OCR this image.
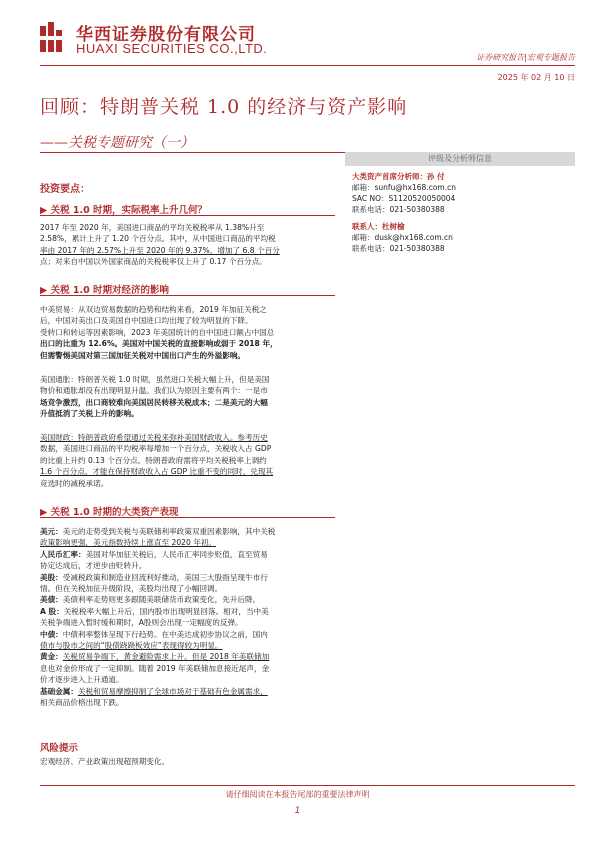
华西证券股份有限公司
HUAXI SECURITIES CO.,LTD.
证券研究报告|宏观专题报告
2025 年 02 月 10 日
回顾：特朗普关税 1.0 的经济与资产影响
——关税专题研究（一）
评级及分析师信息
大类资产首席分析师：孙 付
邮箱：sunfu@hx168.com.cn
SAC NO：S1120520050004
联系电话：021-50380388
联系人：杜树榆
邮箱：dusk@hx168.com.cn
联系电话：021-50380388
投资要点：
▶ 关税 1.0 时期，实际税率上升几何？
2017 年至 2020 年，美国进口商品的平均关税税率从 1.38%升至
2.58%，累计上升了 1.20 个百分点。其中，从中国进口商品的平均税
率由 2017 年的 2.57%上升至 2020 年的 9.37%，增加了 6.8 个百分
点；对来自中国以外国家商品的关税税率仅上升了 0.17 个百分点。
▶ 关税 1.0 时期对经济的影响
中美贸易：从双边贸易数据的趋势和结构来看，2019 年加征关税之
后，中国对美出口及美国自中国进口均出现了较为明显的下降。
受转口和转运等因素影响，2023 年美国统计的自中国进口额占中国总
出口的比重为 12.6%。美国对中国关税的直接影响或弱于 2018 年，
但需警惕美国对第三国加征关税对中国出口产生的外溢影响。
美国通胀：特朗普关税 1.0 时期，虽然进口关税大幅上升，但是美国
物价和通胀却没有出现明显升温。我们认为原因主要有两个：一是市
场竞争激烈，出口商较难向美国居民转移关税成本；二是美元的大幅
升值抵消了关税上升的影响。
美国财政：特朗普政府希望通过关税来弥补美国财政收入。参考历史
数据，美国进口商品的平均税率每增加一个百分点，关税收入占 GDP
的比重上升约 0.13 个百分点。特朗普政府需将平均关税税率上调约
1.6 个百分点，才能在保持财政收入占 GDP 比重不变的同时，兑现其
竞选时的减税承诺。
▶ 关税 1.0 时期的大类资产表现
美元：美元的走势受到关税与美联储利率政策双重因素影响，其中关税
政策影响更强，美元指数持续上涨直至 2020 年初。
人民币汇率：美国对华加征关税后，人民币汇率同步贬值，直至贸易
协定达成后，才逆步由贬转升。
美股：受减税政策和制造业回流利好推动，美国三大股指呈现牛市行
情。但在关税加征升级阶段，美股均出现了小幅回调。
美债：美债利率走势则更多跟随美联储货币政策变化，先升后降。
A 股：关税税率大幅上升后，国内股市出现明显回落。相对，当中美
关税争端进入暂时缓和期时，A股则会出现一定幅度的反弹。
中债：中债利率整体呈现下行趋势。在中美达成初步协议之前，国内
债市与股市之间的“股债跷跷板效应”表现得较为明显。
黄金：关税贸易争端下，黄金避险需求上升。但是 2018 年美联储加
息也对金价形成了一定抑制。随着 2019 年美联储加息接近尾声，金
价才逐步进入上升通道。
基础金属：关税和贸易摩擦抑制了全球市场对于基础有色金属需求，
相关商品价格出现下跌。
风险提示
宏观经济、产业政策出现超预期变化。
请仔细阅读在本报告尾部的重要法律声明
1
